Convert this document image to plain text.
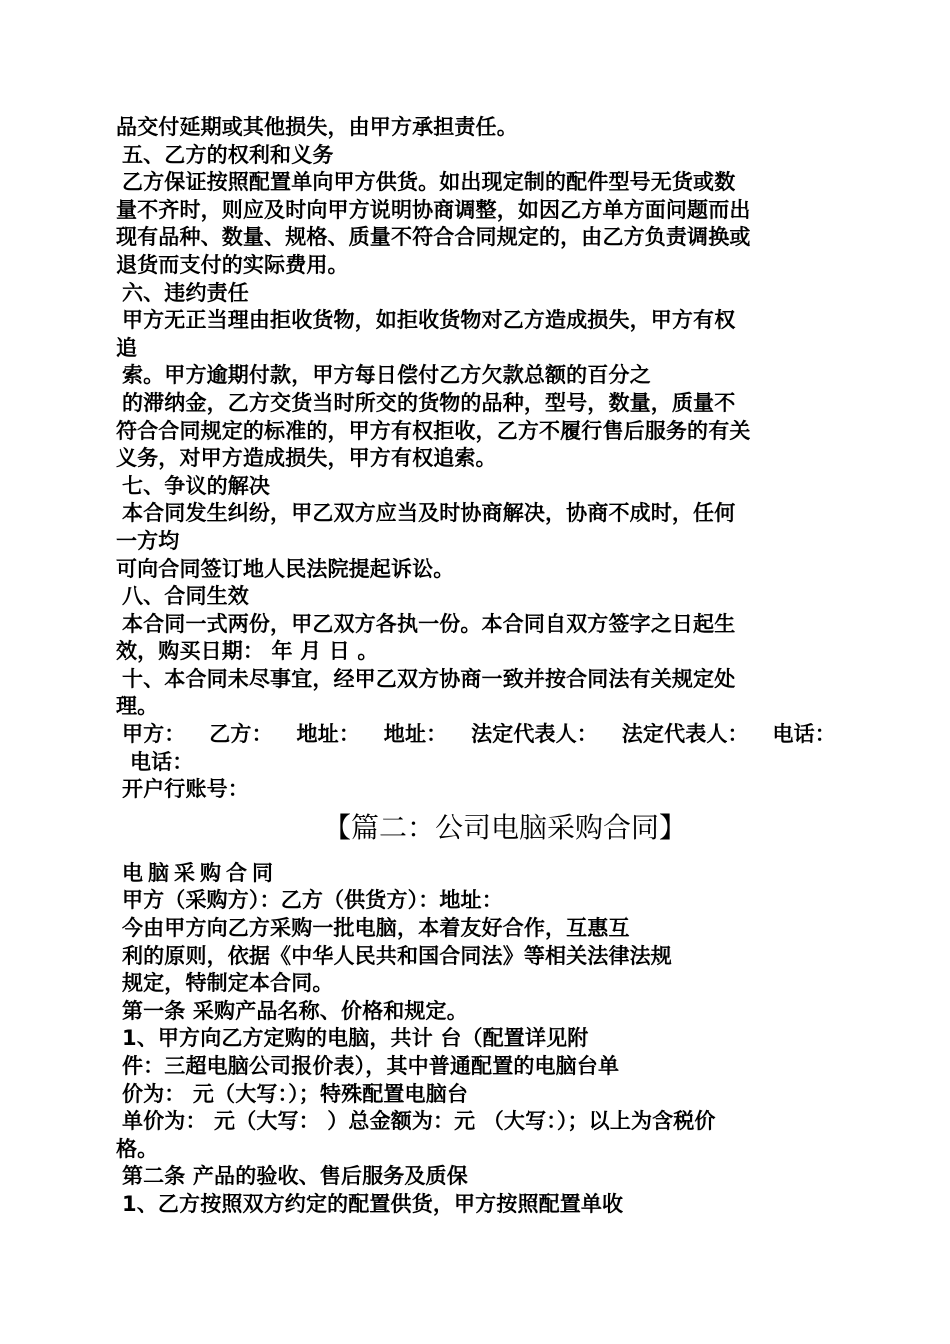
品交付延期或其他损失，由甲方承担责任。
五、乙方的权利和义务
乙方保证按照配置单向甲方供货。如出现定制的配件型号无货或数
量不齐时，则应及时向甲方说明协商调整，如因乙方单方面问题而出
现有品种、数量、规格、质量不符合合同规定的，由乙方负责调换或
退货而支付的实际费用。
六、违约责任
甲方无正当理由拒收货物，如拒收货物对乙方造成损失，甲方有权
追
索。甲方逾期付款，甲方每日偿付乙方欠款总额的百分之
的滞纳金，乙方交货当时所交的货物的品种，型号，数量，质量不
符合合同规定的标准的，甲方有权拒收，乙方不履行售后服务的有关
义务，对甲方造成损失，甲方有权追索。
七、争议的解决
本合同发生纠纷，甲乙双方应当及时协商解决，协商不成时，任何
一方均
可向合同签订地人民法院提起诉讼。
八、合同生效
本合同一式两份，甲乙双方各执一份。本合同自双方签字之日起生
效，购买日期： 年 月 日 。
十、本合同未尽事宜，经甲乙双方协商一致并按合同法有关规定处
理。
甲方： 乙方： 地址： 地址： 法定代表人： 法定代表人： 电话：
电话：
开户行账号：
【篇二：公司电脑采购合同】
电脑采购合同
甲方（采购方）：乙方（供货方）：地址：
今由甲方向乙方采购一批电脑，本着友好合作，互惠互
利的原则，依据《中华人民共和国合同法》等相关法律法规
规定，特制定本合同。
第一条 采购产品名称、价格和规定。
1、甲方向乙方定购的电脑，共计 台（配置详见附
件：三超电脑公司报价表），其中普通配置的电脑台单
价为： 元（大写：）；特殊配置电脑台
单价为： 元（大写： ）总金额为：元 （大写：）；以上为含税价
格。
第二条 产品的验收、售后服务及质保
1、乙方按照双方约定的配置供货，甲方按照配置单收
